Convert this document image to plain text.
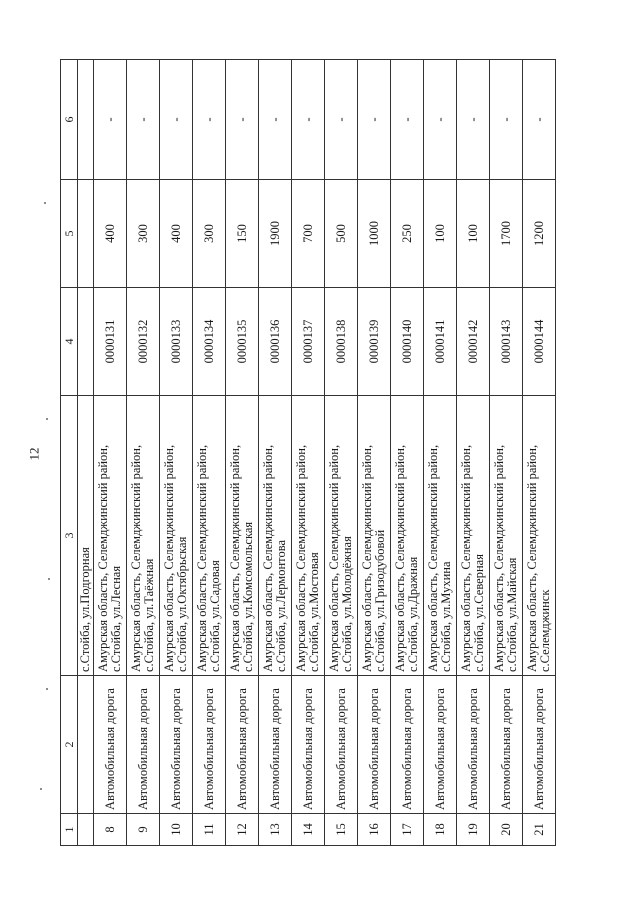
12
1	2	3	4	5	6
		с.Стойба, ул.Подгорная			
8	Автомобильная дорога	Амурская область, Селемджинский район, с.Стойба, ул.Лесная	0000131	400	-
9	Автомобильная дорога	Амурская область, Селемджинский район, с.Стойба, ул.Таёжная	0000132	300	-
10	Автомобильная дорога	Амурская область, Селемджинский район, с.Стойба, ул.Октябрьская	0000133	400	-
11	Автомобильная дорога	Амурская область, Селемджинский район, с.Стойба, ул.Садовая	0000134	300	-
12	Автомобильная дорога	Амурская область, Селемджинский район, с.Стойба, ул.Комсомольская	0000135	150	-
13	Автомобильная дорога	Амурская область, Селемджинский район, с.Стойба, ул.Лермонтова	0000136	1900	-
14	Автомобильная дорога	Амурская область, Селемджинский район, с.Стойба, ул.Мостовая	0000137	700	-
15	Автомобильная дорога	Амурская область, Селемджинский район, с.Стойба, ул.Молодёжная	0000138	500	-
16	Автомобильная дорога	Амурская область, Селемджинский район, с.Стойба, ул.Гризодубовой	0000139	1000	-
17	Автомобильная дорога	Амурская область, Селемджинский район, с.Стойба, ул.Дражная	0000140	250	-
18	Автомобильная дорога	Амурская область, Селемджинский район, с.Стойба, ул.Мухина	0000141	100	-
19	Автомобильная дорога	Амурская область, Селемджинский район, с.Стойба, ул.Северная	0000142	100	-
20	Автомобильная дорога	Амурская область, Селемджинский район, с.Стойба, ул.Майская	0000143	1700	-
21	Автомобильная дорога	Амурская область, Селемджинский район, с.Селемджинск	0000144	1200	-
